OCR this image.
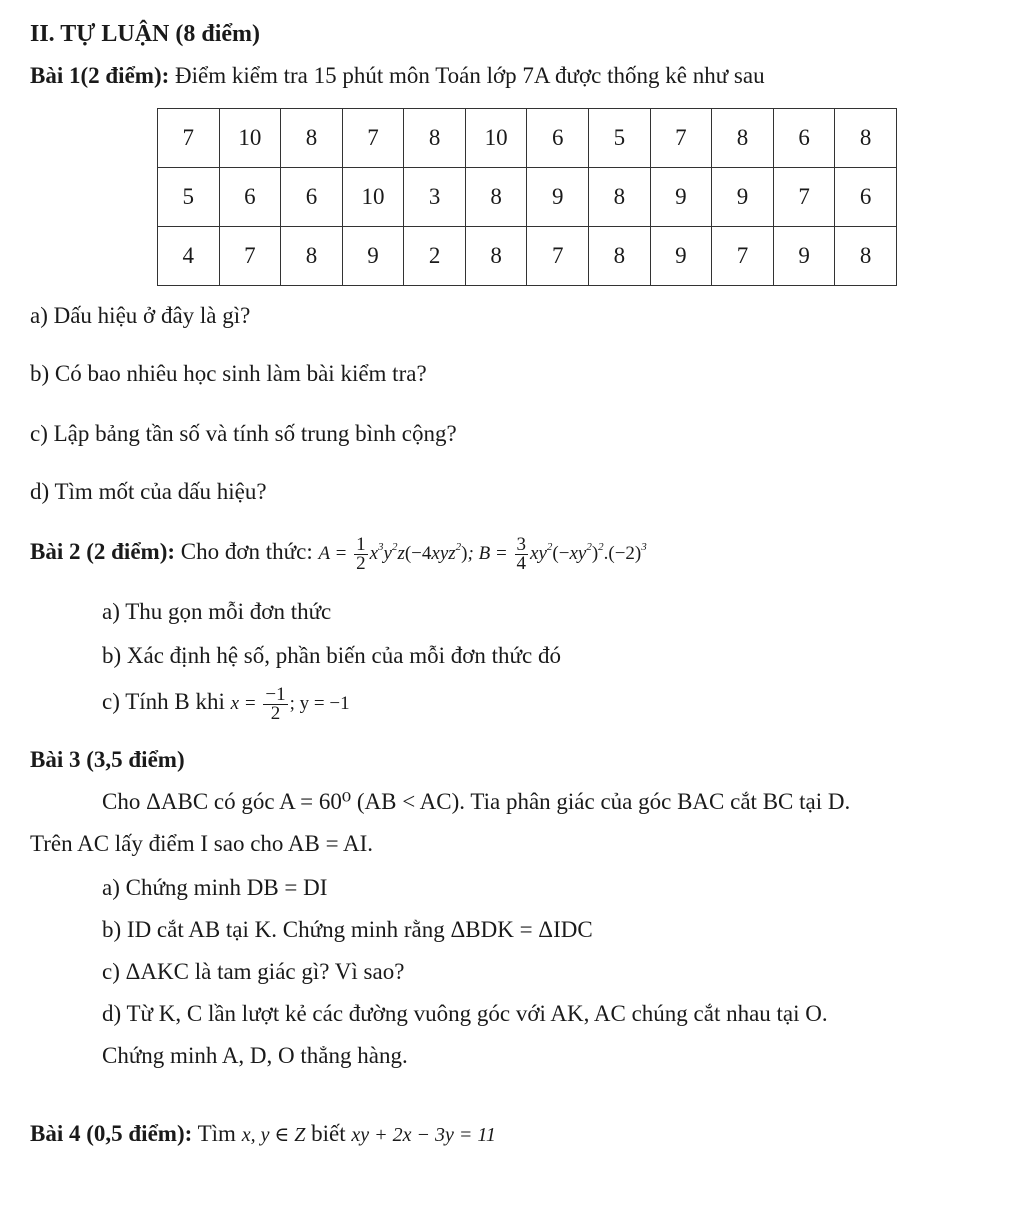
II. TỰ LUẬN (8 điểm)
Bài 1(2 điểm): Điểm kiểm tra 15 phút môn Toán lớp 7A được thống kê như sau
7	10	8	7	8	10	6	5	7	8	6	8
5	6	6	10	3	8	9	8	9	9	7	6
4	7	8	9	2	8	7	8	9	7	9	8
a) Dấu hiệu ở đây là gì?
b) Có bao nhiêu học sinh làm bài kiểm tra?
c) Lập bảng tần số và tính số trung bình cộng?
d) Tìm mốt của dấu hiệu?
Bài 2 (2 điểm): Cho đơn thức: $A = \frac{1}{2} x^3y^2z(-4xyz^2)$; $B = \frac{3}{4} xy^2(-xy^2)^2.(-2)^3$
a) Thu gọn mỗi đơn thức
b) Xác định hệ số, phần biến của mỗi đơn thức đó
c) Tính B khi $x = \frac{-1}{2}$ ; y = −1
Bài 3 (3,5 điểm)
Cho ΔABC có góc A = 60⁰ (AB < AC). Tia phân giác của góc BAC cắt BC tại D.
Trên AC lấy điểm I sao cho AB = AI.
a) Chứng minh DB = DI
b) ID cắt AB tại K. Chứng minh rằng ΔBDK = ΔIDC
c) ΔAKC là tam giác gì? Vì sao?
d) Từ K, C lần lượt kẻ các đường vuông góc với AK, AC chúng cắt nhau tại O.
Chứng minh A, D, O thẳng hàng.
Bài 4 (0,5 điểm): Tìm x, y ∈ Z biết xy + 2x − 3y = 11
